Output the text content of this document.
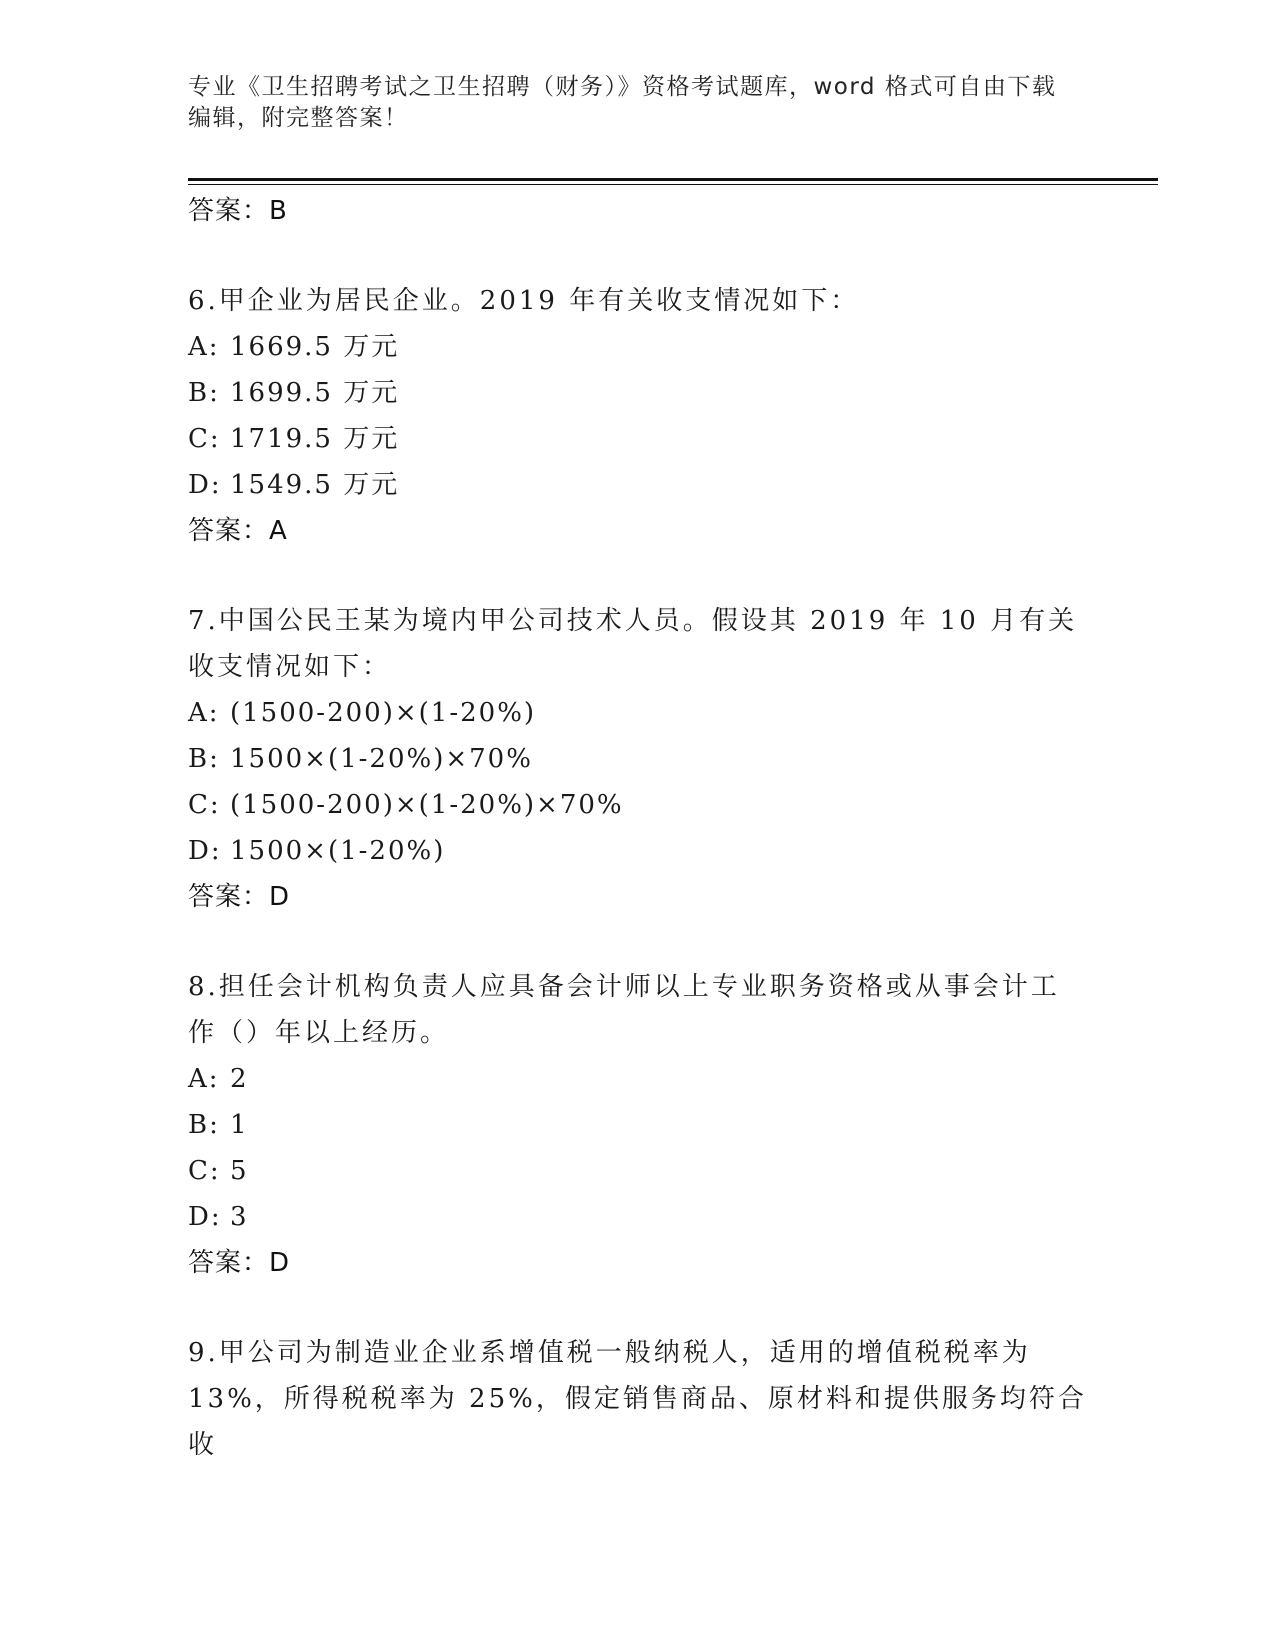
专业《卫生招聘考试之卫生招聘（财务）》资格考试题库，word 格式可自由下载编辑，附完整答案！
答案：B
6.甲企业为居民企业。2019 年有关收支情况如下：
A: 1669.5 万元
B: 1699.5 万元
C: 1719.5 万元
D: 1549.5 万元
答案：A
7.中国公民王某为境内甲公司技术人员。假设其 2019 年 10 月有关收支情况如下：
A: (1500-200)×(1-20%)
B: 1500×(1-20%)×70%
C: (1500-200)×(1-20%)×70%
D: 1500×(1-20%)
答案：D
8.担任会计机构负责人应具备会计师以上专业职务资格或从事会计工作（）年以上经历。
A: 2
B: 1
C: 5
D: 3
答案：D
9.甲公司为制造业企业系增值税一般纳税人，适用的增值税税率为 13%，所得税税率为 25%，假定销售商品、原材料和提供服务均符合收
